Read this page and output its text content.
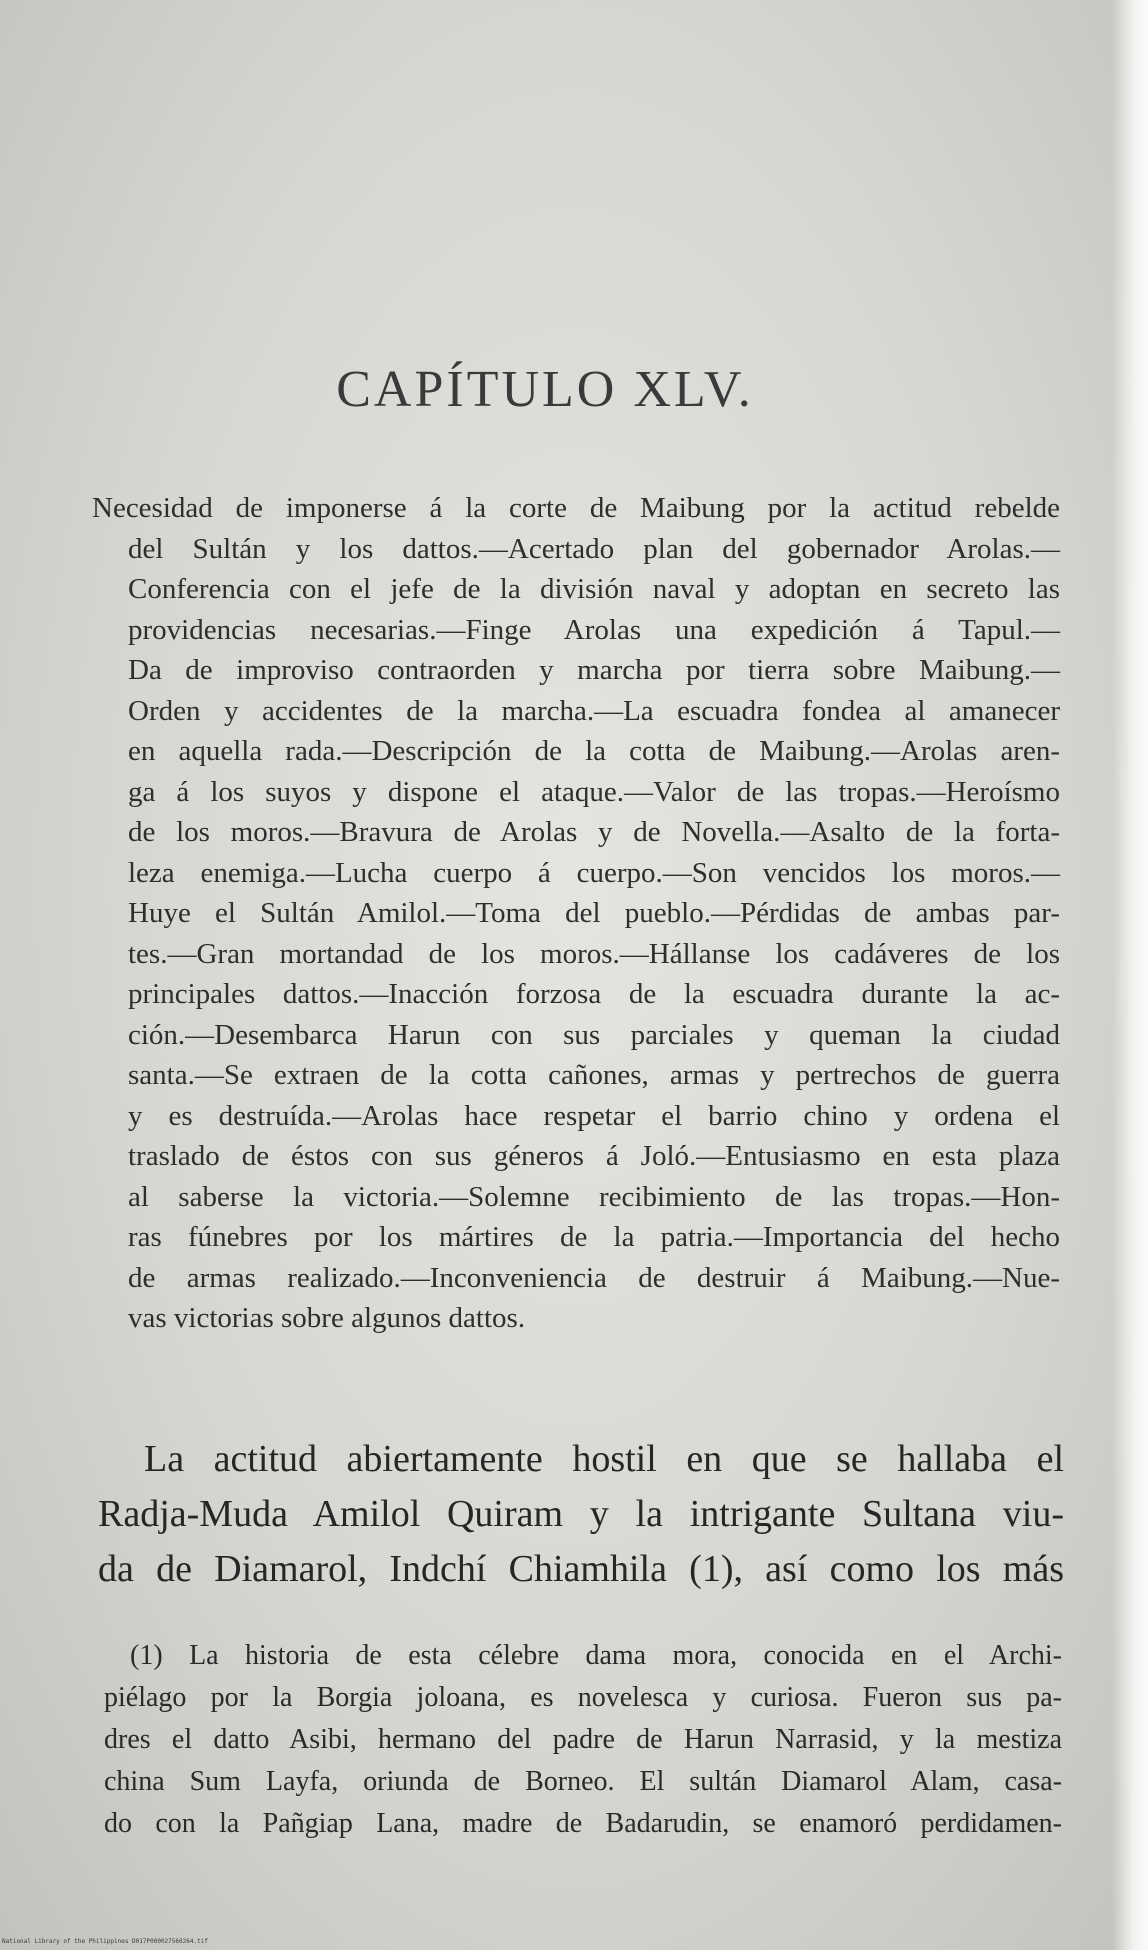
CAPÍTULO XLV.
Necesidad de imponerse á la corte de Maibung por la actitud rebelde
del Sultán y los dattos.—Acertado plan del gobernador Arolas.—
Conferencia con el jefe de la división naval y adoptan en secreto las
providencias necesarias.—Finge Arolas una expedición á Tapul.—
Da de improviso contraorden y marcha por tierra sobre Maibung.—
Orden y accidentes de la marcha.—La escuadra fondea al amanecer
en aquella rada.—Descripción de la cotta de Maibung.—Arolas aren-
ga á los suyos y dispone el ataque.—Valor de las tropas.—Heroísmo
de los moros.—Bravura de Arolas y de Novella.—Asalto de la forta-
leza enemiga.—Lucha cuerpo á cuerpo.—Son vencidos los moros.—
Huye el Sultán Amilol.—Toma del pueblo.—Pérdidas de ambas par-
tes.—Gran mortandad de los moros.—Hállanse los cadáveres de los
principales dattos.—Inacción forzosa de la escuadra durante la ac-
ción.—Desembarca Harun con sus parciales y queman la ciudad
santa.—Se extraen de la cotta cañones, armas y pertrechos de guerra
y es destruída.—Arolas hace respetar el barrio chino y ordena el
traslado de éstos con sus géneros á Joló.—Entusiasmo en esta plaza
al saberse la victoria.—Solemne recibimiento de las tropas.—Hon-
ras fúnebres por los mártires de la patria.—Importancia del hecho
de armas realizado.—Inconveniencia de destruir á Maibung.—Nue-
vas victorias sobre algunos dattos.
La actitud abiertamente hostil en que se hallaba el
Radja-Muda Amilol Quiram y la intrigante Sultana viu-
da de Diamarol, Indchí Chiamhila (1), así como los más
(1) La historia de esta célebre dama mora, conocida en el Archi-
piélago por la Borgia joloana, es novelesca y curiosa. Fueron sus pa-
dres el datto Asibi, hermano del padre de Harun Narrasid, y la mestiza
china Sum Layfa, oriunda de Borneo. El sultán Diamarol Alam, casa-
do con la Pañgiap Lana, madre de Badarudin, se enamoró perdidamen-
National Library of the Philippines D017P000027560264.tif
